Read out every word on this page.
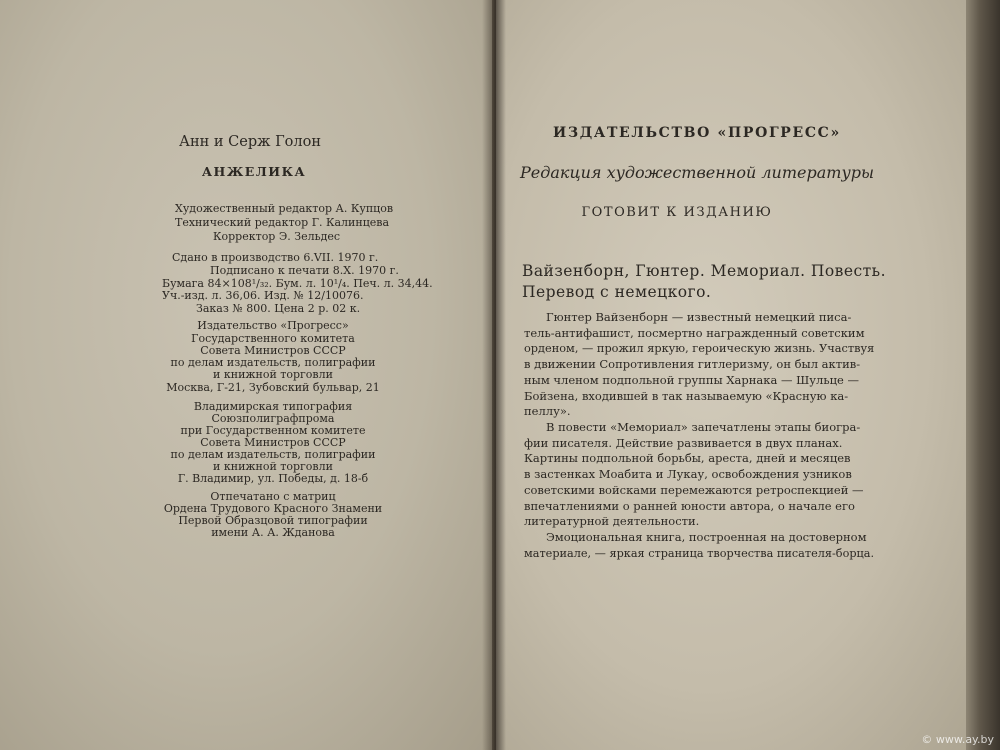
Анн и Серж Голон
АНЖЕЛИКА
Художественный редактор А. Купцов
Технический редактор Г. Калинцева
Корректор Э. Зельдес
Сдано в производство 6.VII. 1970 г.
Подписано к печати 8.X. 1970 г.
Бумага 84×108¹/₃₂. Бум. л. 10¹/₄. Печ. л. 34,44.
Уч.-изд. л. 36,06. Изд. № 12/10076.
Заказ № 800. Цена 2 р. 02 к.
Издательство «Прогресс»
Государственного комитета
Совета Министров СССР
по делам издательств, полиграфии
и книжной торговли
Москва, Г-21, Зубовский бульвар, 21
Владимирская типография
Союзполиграфпрома
при Государственном комитете
Совета Министров СССР
по делам издательств, полиграфии
и книжной торговли
Г. Владимир, ул. Победы, д. 18-б
Отпечатано с матриц
Ордена Трудового Красного Знамени
Первой Образцовой типографии
имени А. А. Жданова
ИЗДАТЕЛЬСТВО «ПРОГРЕСС»
Редакция художественной литературы
ГОТОВИТ К ИЗДАНИЮ
Вайзенборн, Гюнтер. Мемориал. Повесть.
Перевод с немецкого.
Гюнтер Вайзенборн — известный немецкий писа-
тель-антифашист, посмертно награжденный советским
орденом, — прожил яркую, героическую жизнь. Участвуя
в движении Сопротивления гитлеризму, он был актив-
ным членом подпольной группы Харнака — Шульце —
Бойзена, входившей в так называемую «Красную ка-
пеллу».
В повести «Мемориал» запечатлены этапы биогра-
фии писателя. Действие развивается в двух планах.
Картины подпольной борьбы, ареста, дней и месяцев
в застенках Моабита и Лукау, освобождения узников
советскими войсками перемежаются ретроспекцией —
впечатлениями о ранней юности автора, о начале его
литературной деятельности.
Эмоциональная книга, построенная на достоверном
материале, — яркая страница творчества писателя-борца.
© www.ay.by
